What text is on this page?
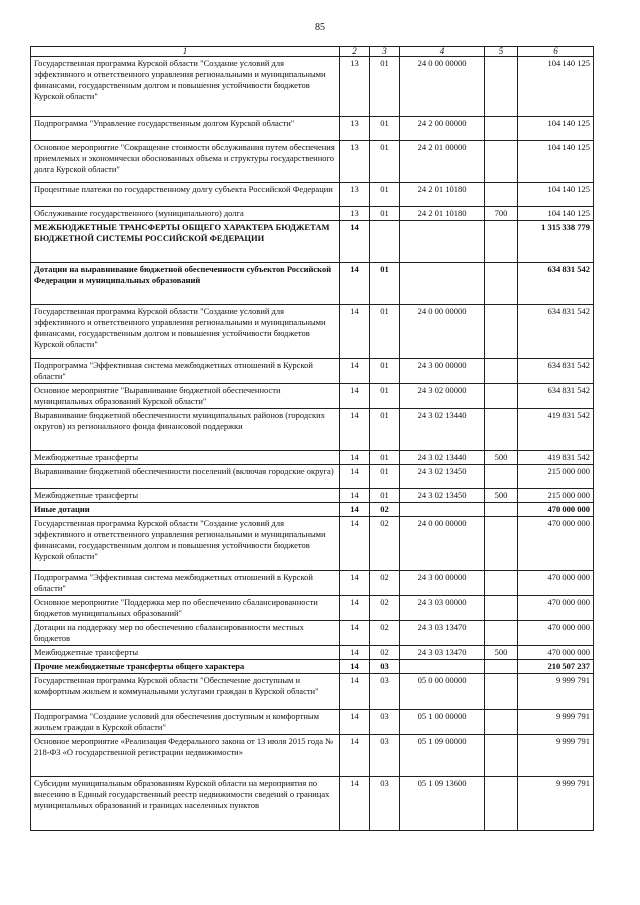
85
1	2	3	4	5	6
Государственная программа Курской области "Создание условий для эффективного и ответственного управления региональными и муниципальными финансами, государственным долгом и повышения устойчивости бюджетов Курской области"	13	01	24 0 00 00000		104 140 125
Подпрограмма "Управление государственным долгом Курской области"	13	01	24 2 00 00000		104 140 125
Основное мероприятие "Сокращение стоимости обслуживания путем обеспечения приемлемых и экономически обоснованных объема и структуры государственного долга Курской области"	13	01	24 2 01 00000		104 140 125
Процентные платежи по государственному долгу субъекта Российской Федерации	13	01	24 2 01 10180		104 140 125
Обслуживание государственного (муниципального) долга	13	01	24 2 01 10180	700	104 140 125
МЕЖБЮДЖЕТНЫЕ ТРАНСФЕРТЫ ОБЩЕГО ХАРАКТЕРА БЮДЖЕТАМ БЮДЖЕТНОЙ СИСТЕМЫ РОССИЙСКОЙ ФЕДЕРАЦИИ	14				1 315 338 779
Дотации на выравнивание бюджетной обеспеченности субъектов Российской Федерации и муниципальных образований	14	01			634 831 542
Государственная программа Курской области "Создание условий для эффективного и ответственного управления региональными и муниципальными финансами, государственным долгом и повышения устойчивости бюджетов Курской области"	14	01	24 0 00 00000		634 831 542
Подпрограмма "Эффективная система межбюджетных отношений в Курской области"	14	01	24 3 00 00000		634 831 542
Основное мероприятие "Выравнивание бюджетной обеспеченности муниципальных образований Курской области"	14	01	24 3 02 00000		634 831 542
Выравнивание бюджетной обеспеченности муниципальных районов (городских округов) из регионального фонда финансовой поддержки	14	01	24 3 02 13440		419 831 542
Межбюджетные трансферты	14	01	24 3 02 13440	500	419 831 542
Выравнивание бюджетной обеспеченности поселений (включая городские округа)	14	01	24 3 02 13450		215 000 000
Межбюджетные трансферты	14	01	24 3 02 13450	500	215 000 000
Иные дотации	14	02			470 000 000
Государственная программа Курской области "Создание условий для эффективного и ответственного управления региональными и муниципальными финансами, государственным долгом и повышения устойчивости бюджетов Курской области"	14	02	24 0 00 00000		470 000 000
Подпрограмма "Эффективная система межбюджетных отношений в Курской области"	14	02	24 3 00 00000		470 000 000
Основное мероприятие "Поддержка мер по обеспечению сбалансированности бюджетов муниципальных образований"	14	02	24 3 03 00000		470 000 000
Дотации на поддержку мер по обеспечению сбалансированности местных бюджетов	14	02	24 3 03 13470		470 000 000
Межбюджетные трансферты	14	02	24 3 03 13470	500	470 000 000
Прочие межбюджетные трансферты общего характера	14	03			210 507 237
Государственная программа Курской области "Обеспечение доступным и комфортным жильем и коммунальными услугами граждан в Курской области"	14	03	05 0 00 00000		9 999 791
Подпрограмма "Создание условий для обеспечения доступным и комфортным жильем граждан в Курской области"	14	03	05 1 00 00000		9 999 791
Основное мероприятие «Реализация Федерального закона от 13 июля 2015 года № 218-ФЗ «О государственной регистрации недвижимости»	14	03	05 1 09 00000		9 999 791
Субсидии муниципальным образованиям Курской области на мероприятия по внесению в Единый государственный реестр недвижимости сведений о границах муниципальных образований и границах населенных пунктов	14	03	05 1 09 13600		9 999 791
